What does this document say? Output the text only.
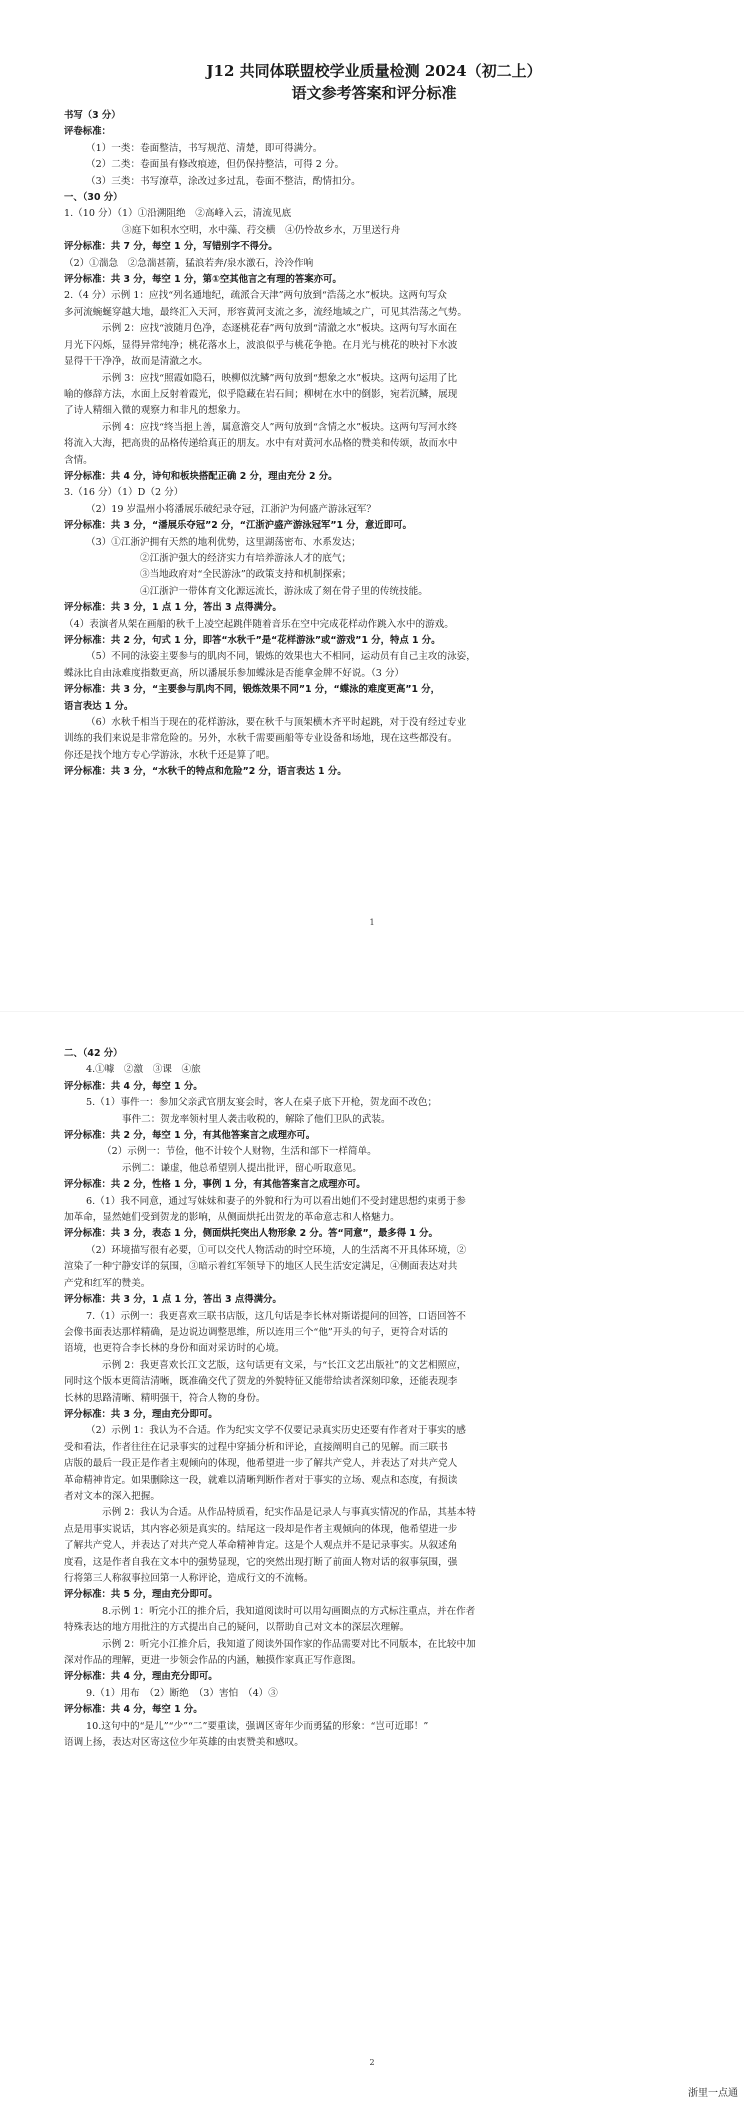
J12 共同体联盟校学业质量检测 2024（初二上）

语文参考答案和评分标准

书写（3 分）

评卷标准：

（1）一类：卷面整洁，书写规范、清楚，即可得满分。

（2）二类：卷面虽有修改痕迹，但仍保持整洁，可得 2 分。

（3）三类：书写潦草，涂改过多过乱，卷面不整洁，酌情扣分。

一、（30 分）

1.（10 分）（1）①沿溯阻绝　②高峰入云，清流见底

③庭下如积水空明，水中藻、荇交横　④仍怜故乡水，万里送行舟

评分标准：共 7 分，每空 1 分，写错别字不得分。

（2）①湍急　②急湍甚箭，猛浪若奔/泉水激石，泠泠作响

评分标准：共 3 分，每空 1 分，第①空其他言之有理的答案亦可。

2.（4 分）示例 1：应找“列名通地纪，疏派合天津”两句放到“浩荡之水”板块。这两句写众

多河流蜿蜒穿越大地，最终汇入天河，形容黄河支流之多，流经地域之广，可见其浩荡之气势。

示例 2：应找“波随月色净，态逐桃花春”两句放到“清澈之水”板块。这两句写水面在

月光下闪烁，显得异常纯净；桃花落水上，波浪似乎与桃花争艳。在月光与桃花的映衬下水波

显得干干净净，故而是清澈之水。

示例 3：应找“照霞如隐石，映柳似沈鳞”两句放到“想象之水”板块。这两句运用了比

喻的修辞方法，水面上反射着霞光，似乎隐藏在岩石间；柳树在水中的倒影，宛若沉鳞，展现

了诗人精细入微的观察力和非凡的想象力。

示例 4：应找“终当挹上善，属意澹交人”两句放到“含情之水”板块。这两句写河水终

将流入大海，把高贵的品格传递给真正的朋友。水中有对黄河水品格的赞美和传颂，故而水中

含情。

评分标准：共 4 分，诗句和板块搭配正确 2 分，理由充分 2 分。

3.（16 分）（1）D（2 分）

（2）19 岁温州小将潘展乐破纪录夺冠，江浙沪为何盛产游泳冠军？

评分标准：共 3 分，“潘展乐夺冠”2 分，“江浙沪盛产游泳冠军”1 分，意近即可。

（3）①江浙沪拥有天然的地利优势，这里湖荡密布、水系发达；

②江浙沪强大的经济实力有培养游泳人才的底气；

③当地政府对“全民游泳”的政策支持和机制探索；

④江浙沪一带体育文化源远流长，游泳成了刻在骨子里的传统技能。

评分标准：共 3 分，1 点 1 分，答出 3 点得满分。

（4）表演者从架在画船的秋千上凌空起跳伴随着音乐在空中完成花样动作跳入水中的游戏。

评分标准：共 2 分，句式 1 分，即答“水秋千”是“花样游泳”或“游戏”1 分，特点 1 分。

（5）不同的泳姿主要参与的肌肉不同，锻炼的效果也大不相同，运动员有自己主攻的泳姿，

蝶泳比自由泳难度指数更高，所以潘展乐参加蝶泳是否能拿金牌不好说。（3 分）

评分标准：共 3 分，“主要参与肌肉不同，锻炼效果不同”1 分，“蝶泳的难度更高”1 分，

语言表达 1 分。

（6）水秋千相当于现在的花样游泳，要在秋千与顶架横木齐平时起跳，对于没有经过专业

训练的我们来说是非常危险的。另外，水秋千需要画船等专业设备和场地，现在这些都没有。

你还是找个地方专心学游泳，水秋千还是算了吧。

评分标准：共 3 分，“水秋千的特点和危险”2 分，语言表达 1 分。

1

二、（42 分）

4.①噱　②激　③课　④旅

评分标准：共 4 分，每空 1 分。

5.（1）事件一：参加父亲武官朋友宴会时，客人在桌子底下开枪，贺龙面不改色；

事件二：贺龙率领村里人袭击收税的，解除了他们卫队的武装。

评分标准：共 2 分，每空 1 分，有其他答案言之成理亦可。

（2）示例一：节俭，他不计较个人财物，生活和部下一样简单。

示例二：谦虚，他总希望别人提出批评，留心听取意见。

评分标准：共 2 分，性格 1 分，事例 1 分，有其他答案言之成理亦可。

6.（1）我不同意，通过写妹妹和妻子的外貌和行为可以看出她们不受封建思想约束勇于参

加革命，显然她们受到贺龙的影响，从侧面烘托出贺龙的革命意志和人格魅力。

评分标准：共 3 分，表态 1 分，侧面烘托突出人物形象 2 分。答“同意”，最多得 1 分。

（2）环境描写很有必要，①可以交代人物活动的时空环境，人的生活离不开具体环境，②

渲染了一种宁静安详的氛围，③暗示着红军领导下的地区人民生活安定满足，④侧面表达对共

产党和红军的赞美。

评分标准：共 3 分，1 点 1 分，答出 3 点得满分。

7.（1）示例一：我更喜欢三联书店版，这几句话是李长林对斯诺提问的回答，口语回答不

会像书面表达那样精确，是边说边调整思维，所以连用三个“他”开头的句子，更符合对话的

语境，也更符合李长林的身份和面对采访时的心境。

示例 2：我更喜欢长江文艺版，这句话更有文采，与“长江文艺出版社”的文艺相照应，

同时这个版本更简洁清晰，既准确交代了贺龙的外貌特征又能带给读者深刻印象，还能表现李

长林的思路清晰、精明强干，符合人物的身份。

评分标准：共 3 分，理由充分即可。

（2）示例 1：我认为不合适。作为纪实文学不仅要记录真实历史还要有作者对于事实的感

受和看法，作者往往在记录事实的过程中穿插分析和评论，直接阐明自己的见解。而三联书

店版的最后一段正是作者主观倾向的体现，他希望进一步了解共产党人，并表达了对共产党人

革命精神肯定。如果删除这一段，就难以清晰判断作者对于事实的立场、观点和态度，有损读

者对文本的深入把握。

示例 2：我认为合适。从作品特质看，纪实作品是记录人与事真实情况的作品，其基本特

点是用事实说话，其内容必须是真实的。结尾这一段却是作者主观倾向的体现，他希望进一步

了解共产党人，并表达了对共产党人革命精神肯定。这是个人观点并不是记录事实。从叙述角

度看，这是作者自我在文本中的强势显现，它的突然出现打断了前面人物对话的叙事氛围，强

行将第三人称叙事拉回第一人称评论，造成行文的不流畅。

评分标准：共 5 分，理由充分即可。

8.示例 1：听完小江的推介后，我知道阅读时可以用勾画圈点的方式标注重点，并在作者

特殊表达的地方用批注的方式提出自己的疑问，以帮助自己对文本的深层次理解。

示例 2：听完小江推介后，我知道了阅读外国作家的作品需要对比不同版本，在比较中加

深对作品的理解，更进一步领会作品的内涵，触摸作家真正写作意图。

评分标准：共 4 分，理由充分即可。

9.（1）用布　（2）断绝　（3）害怕　（4）③

评分标准：共 4 分，每空 1 分。

10.这句中的“是儿”“少”“二”要重读，强调区寄年少而勇猛的形象：“岂可近耶！”

语调上扬，表达对区寄这位少年英雄的由衷赞美和感叹。

2
浙里一点通
